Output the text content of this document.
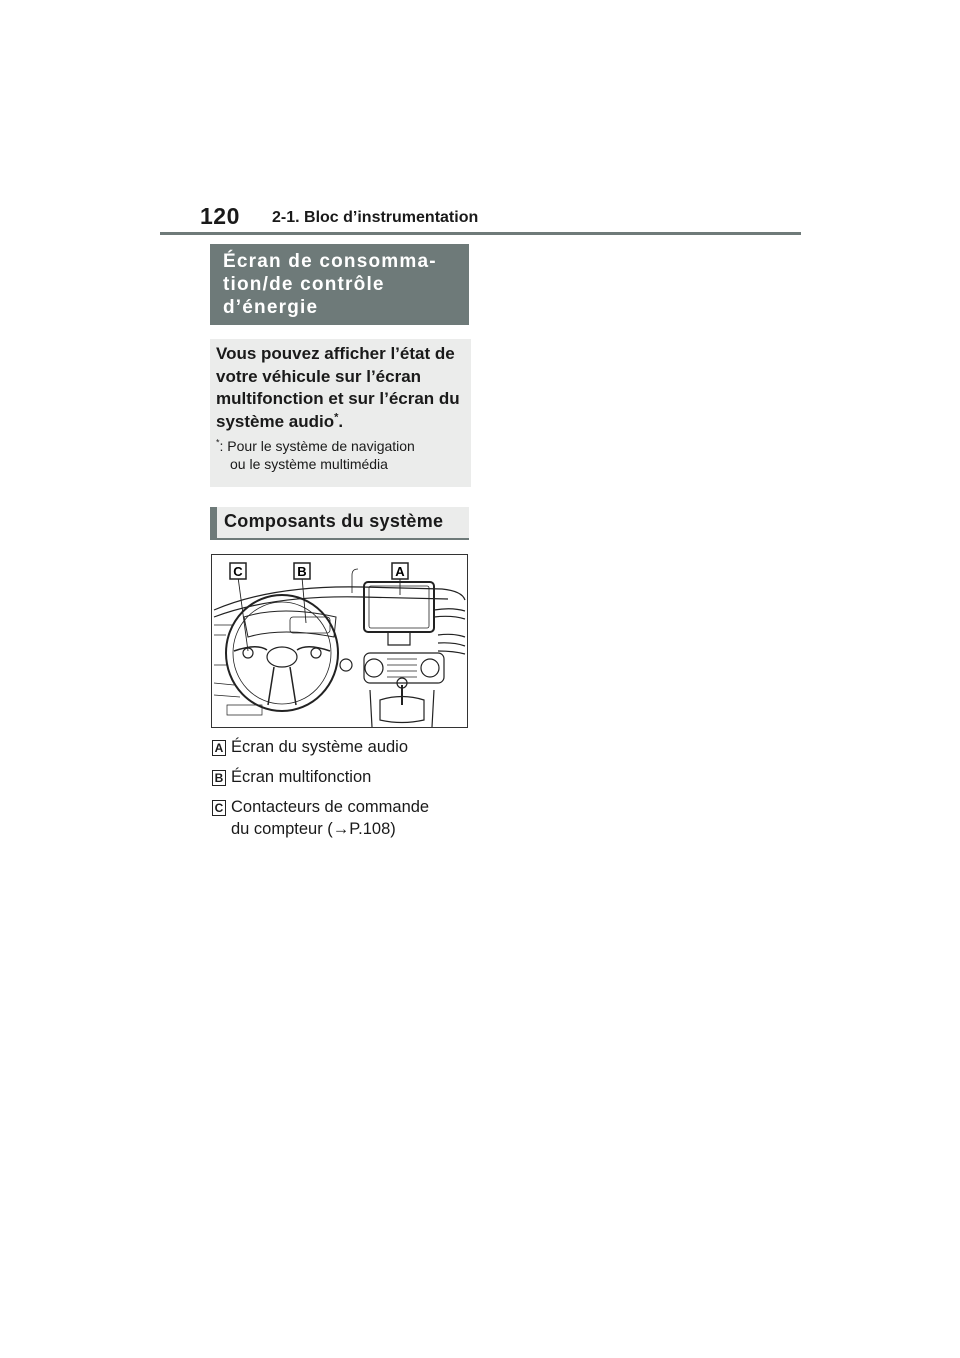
120 2-1. Bloc d’instrumentation

Écran de consomma-
tion/de contrôle
d’énergie

Vous pouvez afficher l’état de votre véhicule sur l’écran multifonction et sur l’écran du système audio*.

*: Pour le système de navigation
ou le système multimédia

Composants du système
C	B	A
A Écran du système audio
B Écran multifonction
C Contacteurs de commande
du compteur (→P.108)
